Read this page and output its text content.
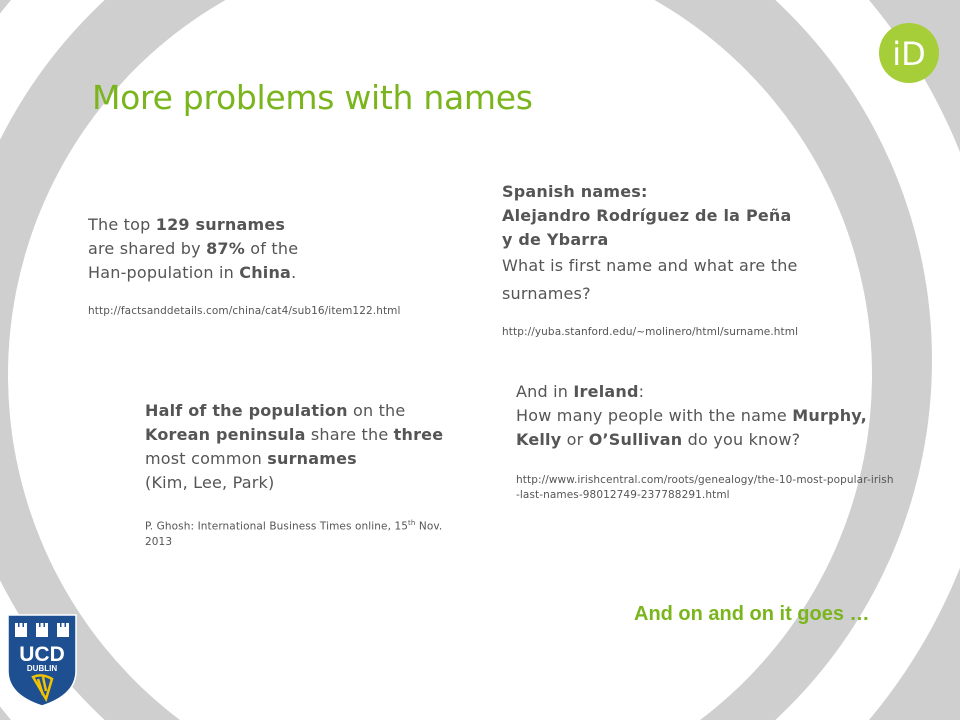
iD
More problems with names
The top 129 surnames
are shared by 87% of the
Han-population in China.
http://factsanddetails.com/china/cat4/sub16/item122.html
Spanish names:
Alejandro Rodríguez de la Peña
y de Ybarra
What is first name and what are the surnames?
http://yuba.stanford.edu/~molinero/html/surname.html
Half of the population on the Korean peninsula share the three most common surnames
(Kim, Lee, Park)
P. Ghosh: International Business Times online, 15th Nov. 2013
And in Ireland:
How many people with the name Murphy,
Kelly or O’Sullivan do you know?
http://www.irishcentral.com/roots/genealogy/the-10-most-popular-irish-last-names-98012749-237788291.html
And on and on it goes …
UCD
DUBLIN
